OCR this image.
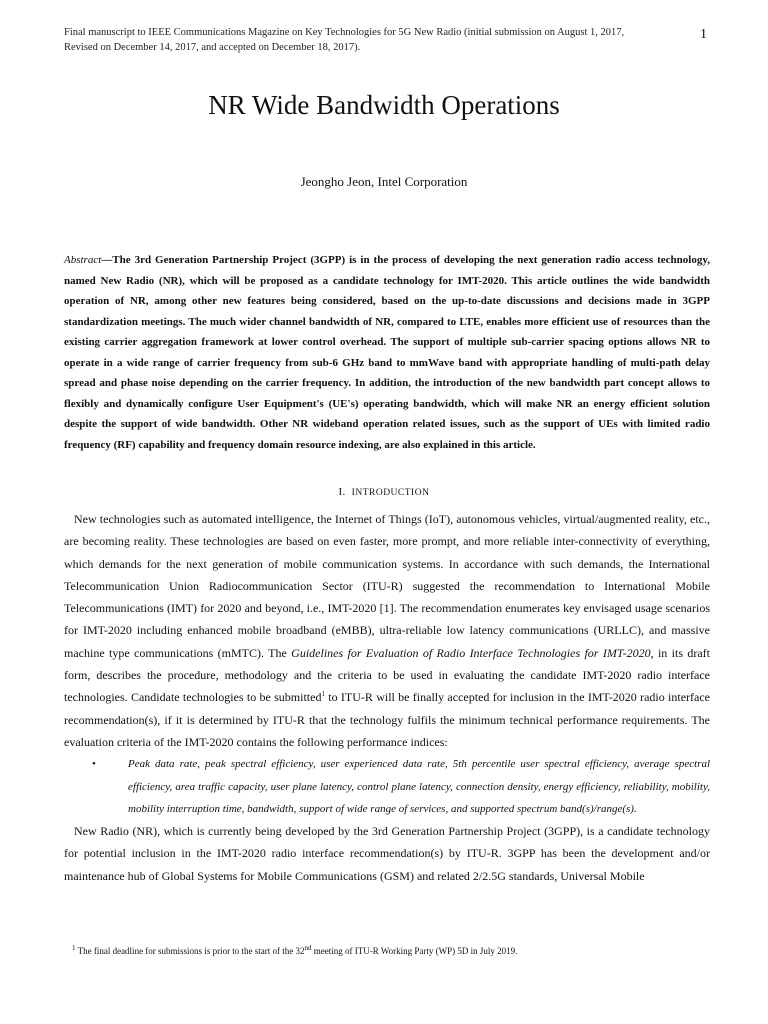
Final manuscript to IEEE Communications Magazine on Key Technologies for 5G New Radio (initial submission on August 1, 2017,
Revised on December 14, 2017, and accepted on December 18, 2017).
1
NR Wide Bandwidth Operations
Jeongho Jeon, Intel Corporation
Abstract—The 3rd Generation Partnership Project (3GPP) is in the process of developing the next generation radio access technology, named New Radio (NR), which will be proposed as a candidate technology for IMT-2020. This article outlines the wide bandwidth operation of NR, among other new features being considered, based on the up-to-date discussions and decisions made in 3GPP standardization meetings. The much wider channel bandwidth of NR, compared to LTE, enables more efficient use of resources than the existing carrier aggregation framework at lower control overhead. The support of multiple sub-carrier spacing options allows NR to operate in a wide range of carrier frequency from sub-6 GHz band to mmWave band with appropriate handling of multi-path delay spread and phase noise depending on the carrier frequency. In addition, the introduction of the new bandwidth part concept allows to flexibly and dynamically configure User Equipment's (UE's) operating bandwidth, which will make NR an energy efficient solution despite the support of wide bandwidth. Other NR wideband operation related issues, such as the support of UEs with limited radio frequency (RF) capability and frequency domain resource indexing, are also explained in this article.
I. INTRODUCTION

New technologies such as automated intelligence, the Internet of Things (IoT), autonomous vehicles, virtual/augmented reality, etc., are becoming reality. These technologies are based on even faster, more prompt, and more reliable inter-connectivity of everything, which demands for the next generation of mobile communication systems. In accordance with such demands, the International Telecommunication Union Radiocommunication Sector (ITU-R) suggested the recommendation to International Mobile Telecommunications (IMT) for 2020 and beyond, i.e., IMT-2020 [1]. The recommendation enumerates key envisaged usage scenarios for IMT-2020 including enhanced mobile broadband (eMBB), ultra-reliable low latency communications (URLLC), and massive machine type communications (mMTC). The Guidelines for Evaluation of Radio Interface Technologies for IMT-2020, in its draft form, describes the procedure, methodology and the criteria to be used in evaluating the candidate IMT-2020 radio interface technologies. Candidate technologies to be submitted$^1$ to ITU-R will be finally accepted for inclusion in the IMT-2020 radio interface recommendation(s), if it is determined by ITU-R that the technology fulfils the minimum technical performance requirements. The evaluation criteria of the IMT-2020 contains the following performance indices:

•	Peak data rate, peak spectral efficiency, user experienced data rate, 5th percentile user spectral efficiency, average spectral efficiency, area traffic capacity, user plane latency, control plane latency, connection density, energy efficiency, reliability, mobility, mobility interruption time, bandwidth, support of wide range of services, and supported spectrum band(s)/range(s).

New Radio (NR), which is currently being developed by the 3rd Generation Partnership Project (3GPP), is a candidate technology for potential inclusion in the IMT-2020 radio interface recommendation(s) by ITU-R. 3GPP has been the development and/or maintenance hub of Global Systems for Mobile Communications (GSM) and related 2/2.5G standards, Universal Mobile

$^1$ The final deadline for submissions is prior to the start of the 32nd meeting of ITU-R Working Party (WP) 5D in July 2019.
